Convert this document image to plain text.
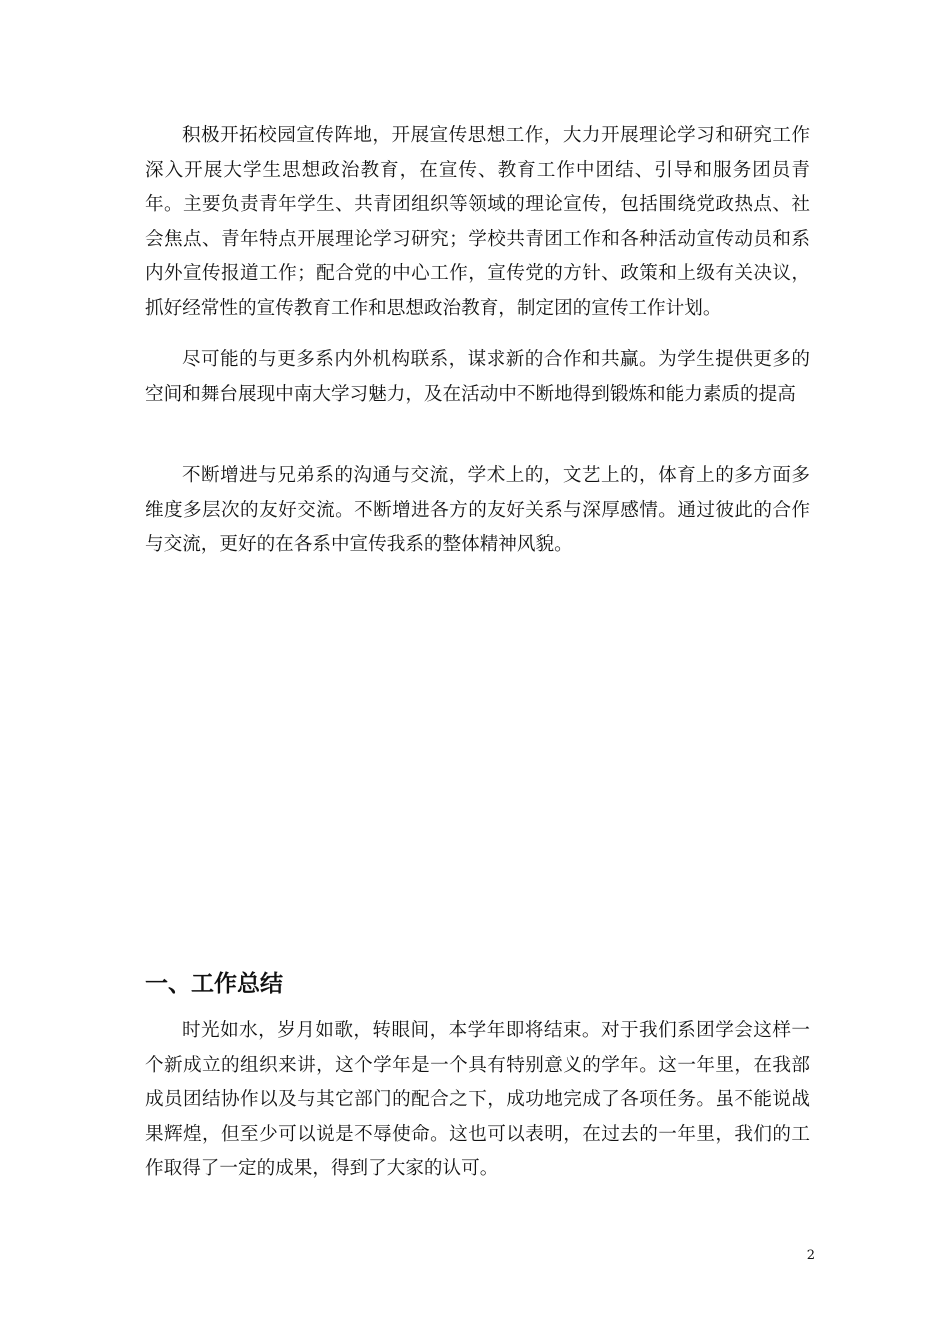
积极开拓校园宣传阵地，开展宣传思想工作，大力开展理论学习和研究工作深入开展大学生思想政治教育，在宣传、教育工作中团结、引导和服务团员青年。主要负责青年学生、共青团组织等领域的理论宣传，包括围绕党政热点、社会焦点、青年特点开展理论学习研究；学校共青团工作和各种活动宣传动员和系内外宣传报道工作；配合党的中心工作，宣传党的方针、政策和上级有关决议，抓好经常性的宣传教育工作和思想政治教育，制定团的宣传工作计划。

尽可能的与更多系内外机构联系，谋求新的合作和共赢。为学生提供更多的空间和舞台展现中南大学习魅力，及在活动中不断地得到锻炼和能力素质的提高

不断增进与兄弟系的沟通与交流，学术上的，文艺上的，体育上的多方面多维度多层次的友好交流。不断增进各方的友好关系与深厚感情。通过彼此的合作与交流，更好的在各系中宣传我系的整体精神风貌。

一、工作总结

时光如水，岁月如歌，转眼间，本学年即将结束。对于我们系团学会这样一个新成立的组织来讲，这个学年是一个具有特别意义的学年。这一年里，在我部成员团结协作以及与其它部门的配合之下，成功地完成了各项任务。虽不能说战果辉煌，但至少可以说是不辱使命。这也可以表明，在过去的一年里，我们的工作取得了一定的成果，得到了大家的认可。

2
